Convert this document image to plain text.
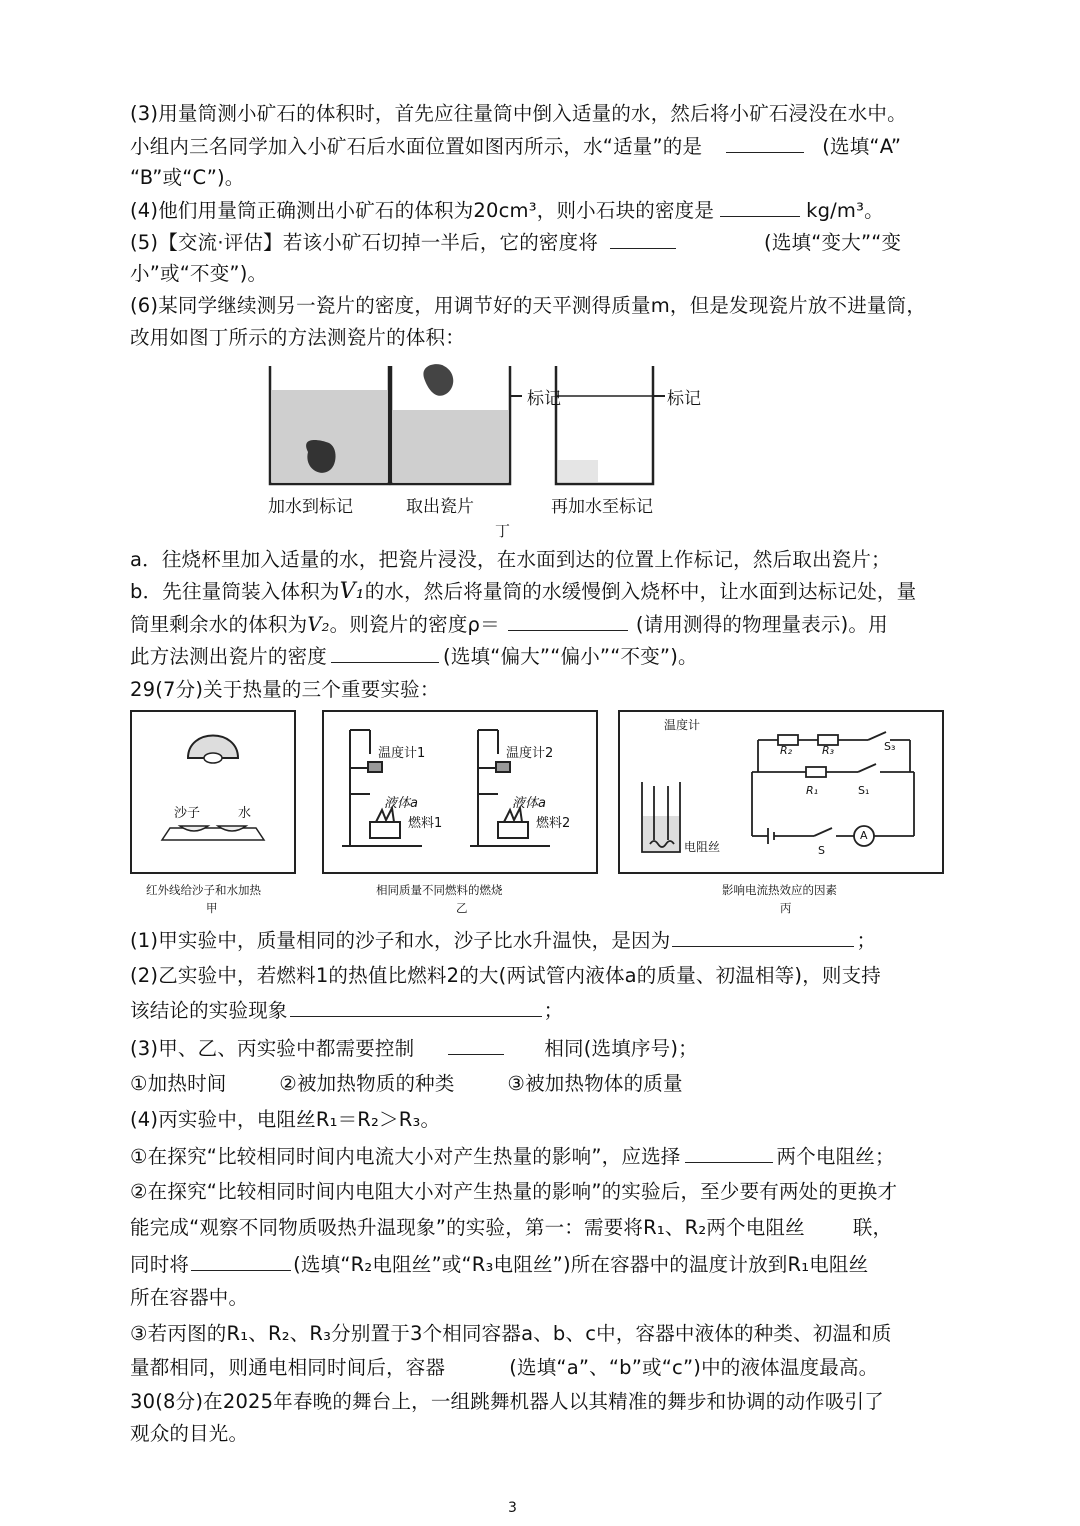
(3)用量筒测小矿石的体积时，首先应往量筒中倒入适量的水，然后将小矿石浸没在水中。
小组内三名同学加入小矿石后水面位置如图丙所示，水“适量”的是	(选填“A”
“B”或“C”)。
(4)他们用量筒正确测出小矿石的体积为20cm³，则小石块的密度是	kg/m³。
(5)【交流·评估】若该小矿石切掉一半后，它的密度将	(选填“变大”“变
小”或“不变”)。
(6)某同学继续测另一瓷片的密度，用调节好的天平测得质量m，但是发现瓷片放不进量筒，
改用如图丁所示的方法测瓷片的体积：
标记	标记
加水到标记	取出瓷片	再加水至标记
丁
a．往烧杯里加入适量的水，把瓷片浸没，在水面到达的位置上作标记，然后取出瓷片；
b．先往量筒装入体积为V₁的水，然后将量筒的水缓慢倒入烧杯中，让水面到达标记处，量
筒里剩余水的体积为V₂。则瓷片的密度ρ＝	(请用测得的物理量表示)。用
此方法测出瓷片的密度	(选填“偏大”“偏小”“不变”)。
29(7分)关于热量的三个重要实验：
沙子	水
红外线给沙子和水加热
甲
温度计1	温度计2
液体a	液体a
燃料1	燃料2
相同质量不同燃料的燃烧
乙
温度计
R₂	R₃	S₃
R₁	S₁
S
A
电阻丝
影响电流热效应的因素
丙
(1)甲实验中，质量相同的沙子和水，沙子比水升温快，是因为	；
(2)乙实验中，若燃料1的热值比燃料2的大(两试管内液体a的质量、初温相等)，则支持
该结论的实验现象	；
(3)甲、乙、丙实验中都需要控制	相同(选填序号)；
①加热时间	②被加热物质的种类	③被加热物体的质量
(4)丙实验中，电阻丝R₁＝R₂＞R₃。
①在探究“比较相同时间内电流大小对产生热量的影响”，应选择	两个电阻丝；
②在探究“比较相同时间内电阻大小对产生热量的影响”的实验后，至少要有两处的更换才
能完成“观察不同物质吸热升温现象”的实验，第一：需要将R₁、R₂两个电阻丝 联，
同时将	(选填“R₂电阻丝”或“R₃电阻丝”)所在容器中的温度计放到R₁电阻丝
所在容器中。
③若丙图的R₁、R₂、R₃分别置于3个相同容器a、b、c中，容器中液体的种类、初温和质
量都相同，则通电相同时间后，容器	(选填“a”、“b”或“c”)中的液体温度最高。
30(8分)在2025年春晚的舞台上，一组跳舞机器人以其精准的舞步和协调的动作吸引了
观众的目光。
3
